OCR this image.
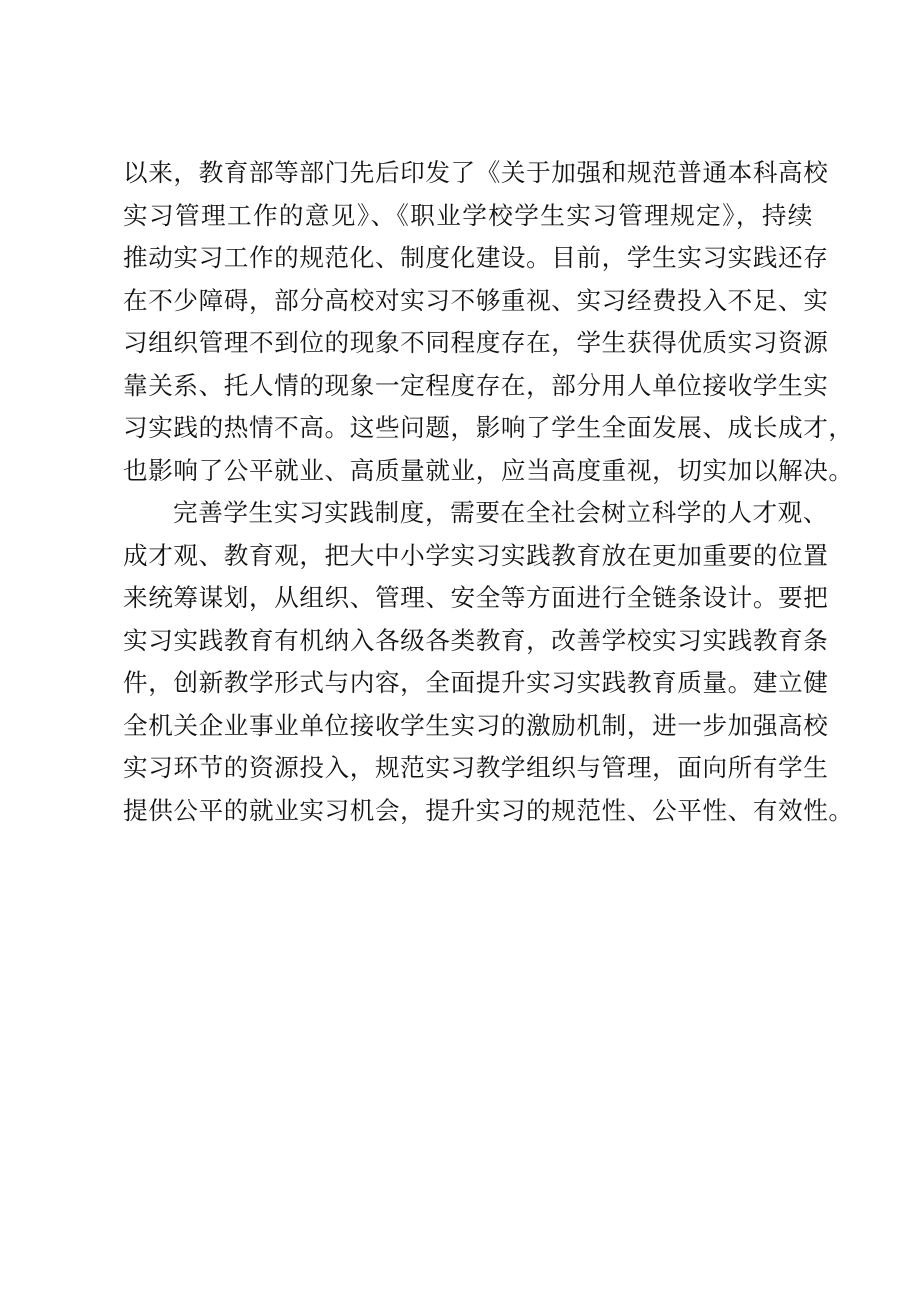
以来，教育部等部门先后印发了《关于加强和规范普通本科高校
实习管理工作的意见》、《职业学校学生实习管理规定》，持续
推动实习工作的规范化、制度化建设。目前，学生实习实践还存
在不少障碍，部分高校对实习不够重视、实习经费投入不足、实
习组织管理不到位的现象不同程度存在，学生获得优质实习资源
靠关系、托人情的现象一定程度存在，部分用人单位接收学生实
习实践的热情不高。这些问题，影响了学生全面发展、成长成才，
也影响了公平就业、高质量就业，应当高度重视，切实加以解决。

完善学生实习实践制度，需要在全社会树立科学的人才观、
成才观、教育观，把大中小学实习实践教育放在更加重要的位置
来统筹谋划，从组织、管理、安全等方面进行全链条设计。要把
实习实践教育有机纳入各级各类教育，改善学校实习实践教育条
件，创新教学形式与内容，全面提升实习实践教育质量。建立健
全机关企业事业单位接收学生实习的激励机制，进一步加强高校
实习环节的资源投入，规范实习教学组织与管理，面向所有学生
提供公平的就业实习机会，提升实习的规范性、公平性、有效性。
